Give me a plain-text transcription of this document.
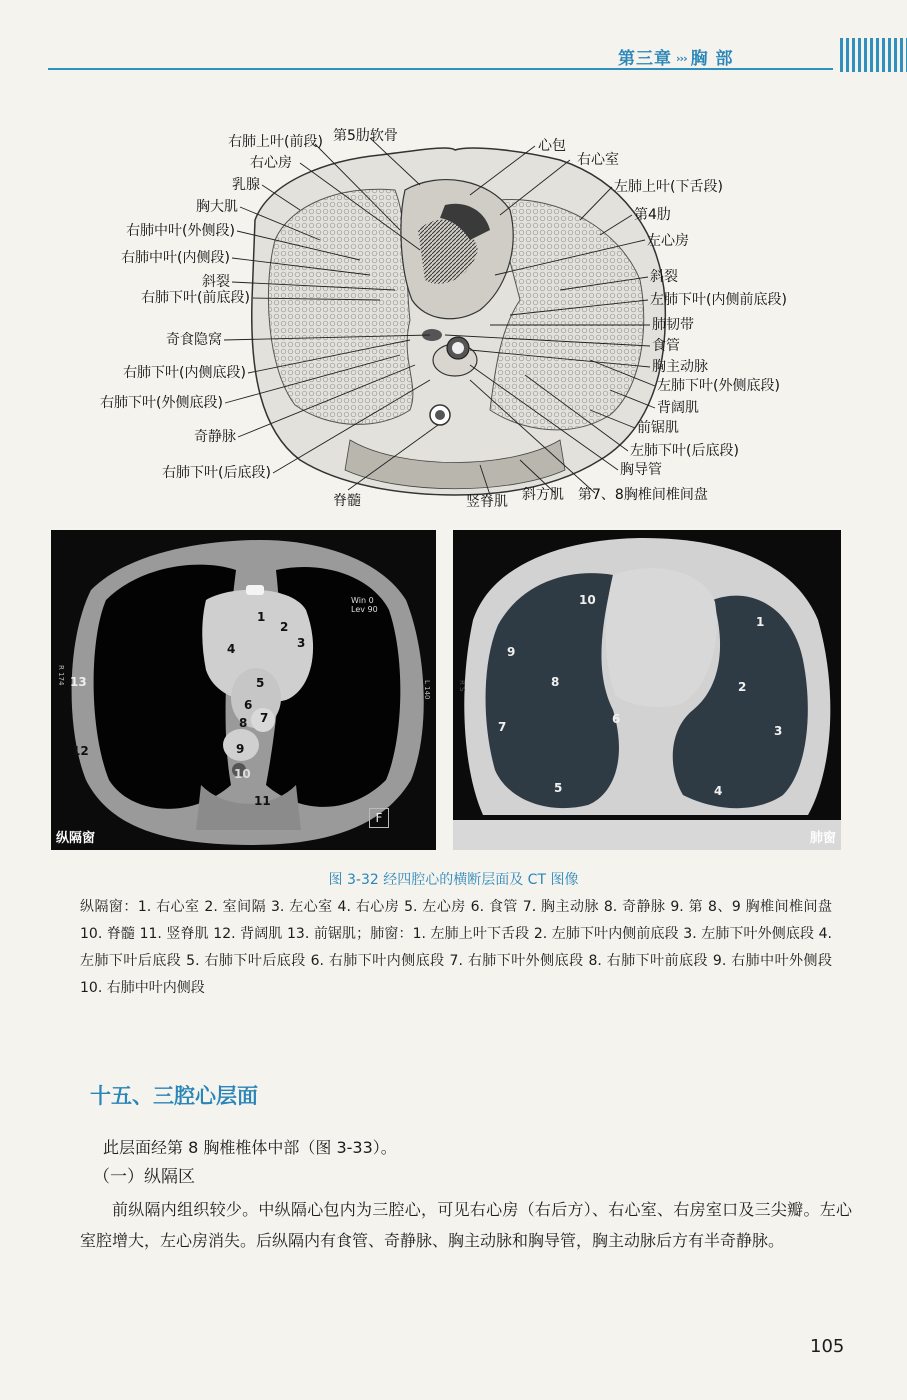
第三章 ››› 胸 部
右肺上叶(前段)
右心房
乳腺
胸大肌
右肺中叶(外侧段)
右肺中叶(内侧段)
斜裂
右肺下叶(前底段)
奇食隐窝
右肺下叶(内侧底段)
右肺下叶(外侧底段)
奇静脉
右肺下叶(后底段)
第5肋软骨
心包
右心室
左肺上叶(下舌段)
第4肋
左心房
斜裂
左肺下叶(内侧前底段)
肺韧带
食管
胸主动脉
左肺下叶(外侧底段)
背阔肌
前锯肌
左肺下叶(后底段)
胸导管
脊髓	竖脊肌 斜方肌 第7、8胸椎间椎间盘
1
2
3
4
5
6
7
8
9
10
11
12
13
Win 0
Lev 90
R 174
L 140
F
纵隔窗
1
2
3
4
5
6
7
8
9
10
R S
肺窗
图 3-32 经四腔心的横断层面及 CT 图像
纵隔窗：1. 右心室 2. 室间隔 3. 左心室 4. 右心房 5. 左心房 6. 食管 7. 胸主动脉 8. 奇静脉 9. 第 8、9 胸椎间椎间盘 10. 脊髓 11. 竖脊肌 12. 背阔肌 13. 前锯肌；肺窗：1. 左肺上叶下舌段 2. 左肺下叶内侧前底段 3. 左肺下叶外侧底段 4. 左肺下叶后底段 5. 右肺下叶后底段 6. 右肺下叶内侧底段 7. 右肺下叶外侧底段 8. 右肺下叶前底段 9. 右肺中叶外侧段 10. 右肺中叶内侧段
十五、三腔心层面
此层面经第 8 胸椎椎体中部（图 3-33）。
（一）纵隔区
前纵隔内组织较少。中纵隔心包内为三腔心，可见右心房（右后方）、右心室、右房室口及三尖瓣。左心室腔增大，左心房消失。后纵隔内有食管、奇静脉、胸主动脉和胸导管，胸主动脉后方有半奇静脉。
105
